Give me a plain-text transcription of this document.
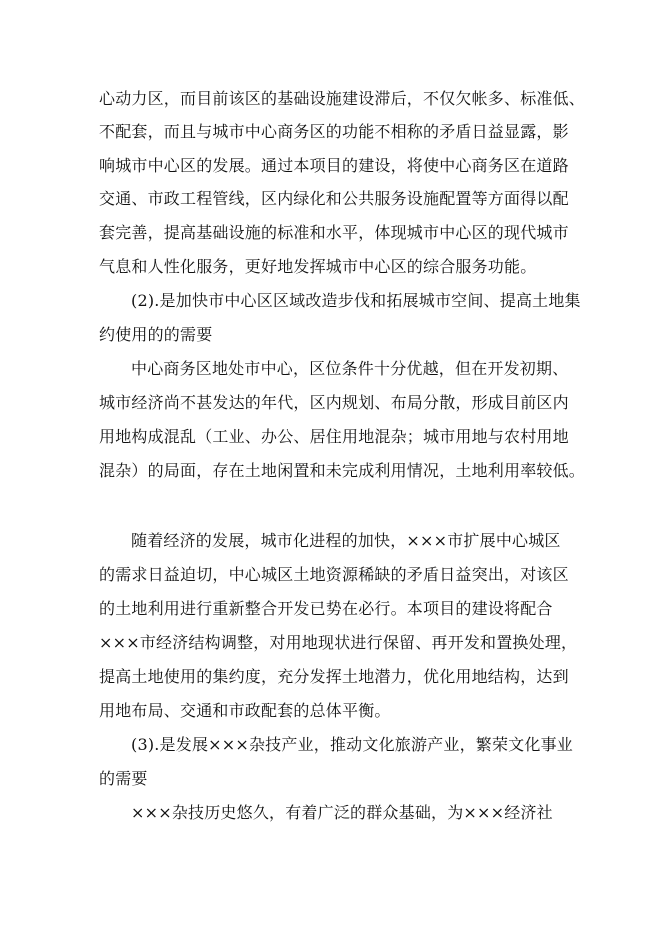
心动力区，而目前该区的基础设施建设滞后，不仅欠帐多、标准低、
不配套，而且与城市中心商务区的功能不相称的矛盾日益显露，影
响城市中心区的发展。通过本项目的建设，将使中心商务区在道路
交通、市政工程管线，区内绿化和公共服务设施配置等方面得以配
套完善，提高基础设施的标准和水平，体现城市中心区的现代城市
气息和人性化服务，更好地发挥城市中心区的综合服务功能。
(2).是加快市中心区区域改造步伐和拓展城市空间、提高土地集
约使用的的需要
中心商务区地处市中心，区位条件十分优越，但在开发初期、
城市经济尚不甚发达的年代，区内规划、布局分散，形成目前区内
用地构成混乱（工业、办公、居住用地混杂；城市用地与农村用地
混杂）的局面，存在土地闲置和未完成利用情况，土地利用率较低。
随着经济的发展，城市化进程的加快，×××市扩展中心城区
的需求日益迫切，中心城区土地资源稀缺的矛盾日益突出，对该区
的土地利用进行重新整合开发已势在必行。本项目的建设将配合
×××市经济结构调整，对用地现状进行保留、再开发和置换处理，
提高土地使用的集约度，充分发挥土地潜力，优化用地结构，达到
用地布局、交通和市政配套的总体平衡。
(3).是发展×××杂技产业，推动文化旅游产业，繁荣文化事业
的需要
×××杂技历史悠久，有着广泛的群众基础，为×××经济社
